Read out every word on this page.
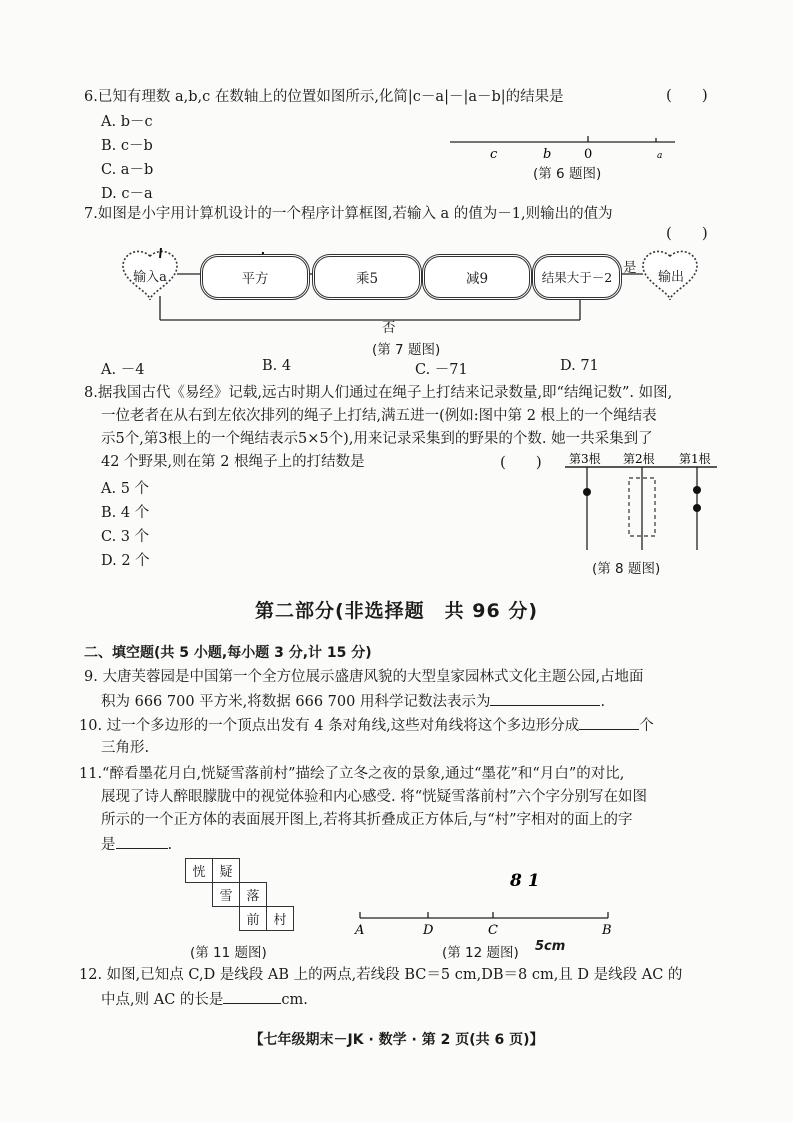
6.已知有理数 a,b,c 在数轴上的位置如图所示,化简|c－a|－|a－b|的结果是	(　　)
A. b－c
B. c－b
C. a－b
D. c－a
c	b	0	a
(第 6 题图)
7.如图是小宇用计算机设计的一个程序计算框图,若输入 a 的值为－1,则输出的值为
(　　)
输入a	平方	乘5	减9	结果大于－2
是
输出
否
(第 7 题图)
A. －4	B. 4	C. －71	D. 71
8.据我国古代《易经》记载,远古时期人们通过在绳子上打结来记录数量,即“结绳记数”. 如图,
一位老者在从右到左依次排列的绳子上打结,满五进一(例如:图中第 2 根上的一个绳结表
示5个,第3根上的一个绳结表示5×5个),用来记录采集到的野果的个数. 她一共采集到了
42 个野果,则在第 2 根绳子上的打结数是	(　　) 第3根 第2根 第1根
A. 5 个
B. 4 个
C. 3 个
D. 2 个	(第 8 题图)
第二部分(非选择题　共 96 分)
二、填空题(共 5 小题,每小题 3 分,计 15 分)
9. 大唐芙蓉园是中国第一个全方位展示盛唐风貌的大型皇家园林式文化主题公园,占地面
积为 666 700 平方米,将数据 666 700 用科学记数法表示为	.
10. 过一个多边形的一个顶点出发有 4 条对角线,这些对角线将这个多边形分成	个
三角形.
11.“醉看墨花月白,恍疑雪落前村”描绘了立冬之夜的景象,通过“墨花”和“月白”的对比,
展现了诗人醉眼朦胧中的视觉体验和内心感受. 将“恍疑雪落前村”六个字分别写在如图
所示的一个正方体的表面展开图上,若将其折叠成正方体后,与“村”字相对的面上的字
是	.
恍	疑
雪	落
前	村
(第 11 题图)
8 1
A	D	C	B
(第 12 题图) 5cm
12. 如图,已知点 C,D 是线段 AB 上的两点,若线段 BC＝5 cm,DB＝8 cm,且 D 是线段 AC 的
中点,则 AC 的长是	cm.
【七年级期末－JK · 数学 · 第 2 页(共 6 页)】
